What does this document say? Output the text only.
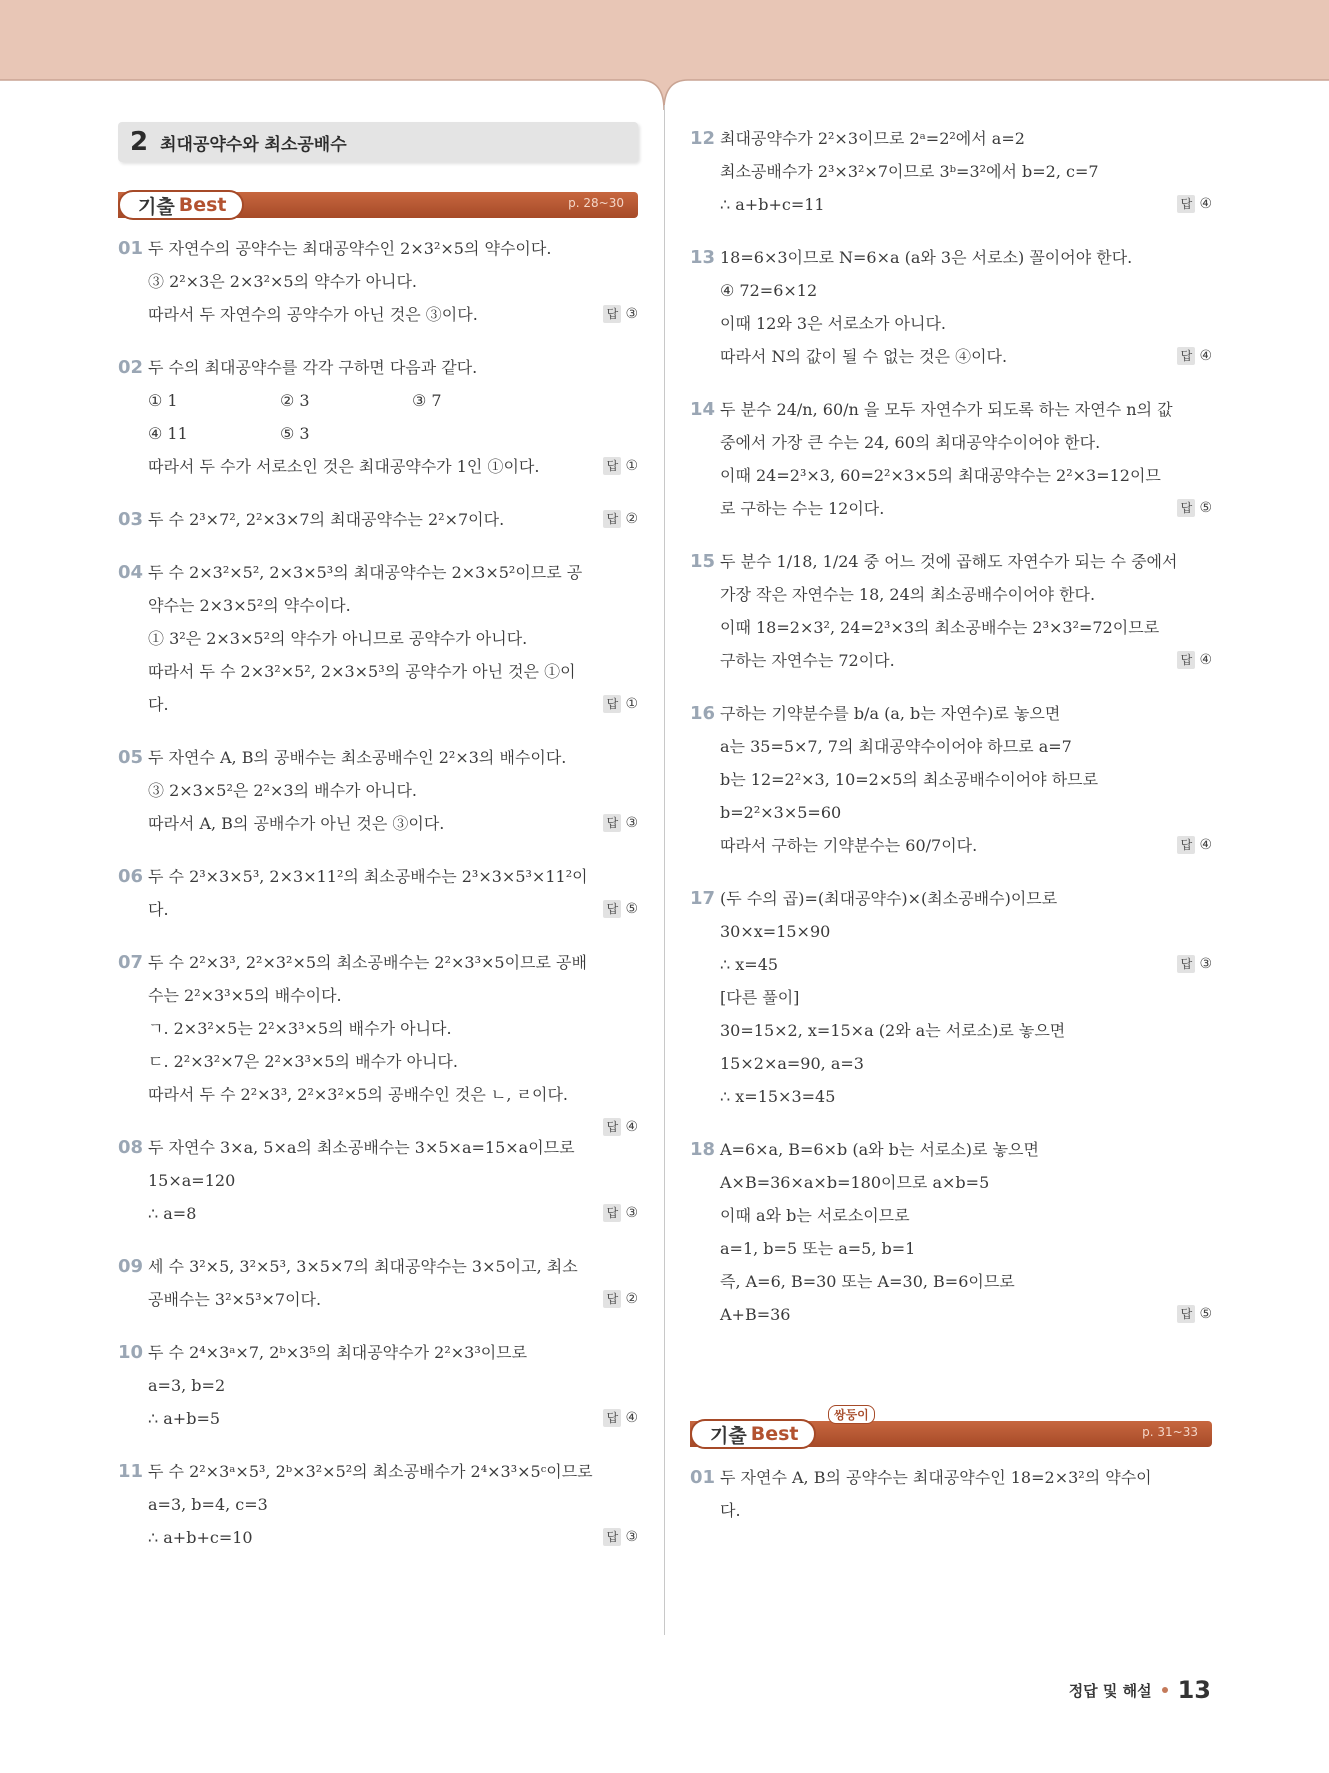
2 최대공약수와 최소공배수
기출 Best	p. 28~30
01 두 자연수의 공약수는 최대공약수인 2×3²×5의 약수이다.

③ 2²×3은 2×3²×5의 약수가 아니다.

따라서 두 자연수의 공약수가 아닌 것은 ③이다.	답 ③

02 두 수의 최대공약수를 각각 구하면 다음과 같다.

① 1	② 3	③ 7

④ 11	⑤ 3

따라서 두 수가 서로소인 것은 최대공약수가 1인 ①이다.	답 ①

03 두 수 2³×7², 2²×3×7의 최대공약수는 2²×7이다.	답 ②

04 두 수 2×3²×5², 2×3×5³의 최대공약수는 2×3×5²이므로 공

약수는 2×3×5²의 약수이다.

① 3²은 2×3×5²의 약수가 아니므로 공약수가 아니다.

따라서 두 수 2×3²×5², 2×3×5³의 공약수가 아닌 것은 ①이

다.	답 ①

05 두 자연수 A, B의 공배수는 최소공배수인 2²×3의 배수이다.

③ 2×3×5²은 2²×3의 배수가 아니다.

따라서 A, B의 공배수가 아닌 것은 ③이다.	답 ③

06 두 수 2³×3×5³, 2×3×11²의 최소공배수는 2³×3×5³×11²이

다.	답 ⑤

07 두 수 2²×3³, 2²×3²×5의 최소공배수는 2²×3³×5이므로 공배

수는 2²×3³×5의 배수이다.

ㄱ. 2×3²×5는 2²×3³×5의 배수가 아니다.

ㄷ. 2²×3²×7은 2²×3³×5의 배수가 아니다.

따라서 두 수 2²×3³, 2²×3²×5의 공배수인 것은 ㄴ, ㄹ이다.

답 ④

08 두 자연수 3×a, 5×a의 최소공배수는 3×5×a=15×a이므로

15×a=120

∴ a=8	답 ③

09 세 수 3²×5, 3²×5³, 3×5×7의 최대공약수는 3×5이고, 최소

공배수는 3²×5³×7이다.	답 ②

10 두 수 2⁴×3ᵃ×7, 2ᵇ×3⁵의 최대공약수가 2²×3³이므로

a=3, b=2

∴ a+b=5	답 ④

11 두 수 2²×3ᵃ×5³, 2ᵇ×3²×5²의 최소공배수가 2⁴×3³×5ᶜ이므로

a=3, b=4, c=3

∴ a+b+c=10	답 ③

12 최대공약수가 2²×3이므로 2ᵃ=2²에서 a=2

최소공배수가 2³×3²×7이므로 3ᵇ=3²에서 b=2, c=7

∴ a+b+c=11	답 ④

13 18=6×3이므로 N=6×a (a와 3은 서로소) 꼴이어야 한다.

④ 72=6×12

이때 12와 3은 서로소가 아니다.

따라서 N의 값이 될 수 없는 것은 ④이다.	답 ④

14 두 분수 24/n, 60/n 을 모두 자연수가 되도록 하는 자연수 n의 값

중에서 가장 큰 수는 24, 60의 최대공약수이어야 한다.

이때 24=2³×3, 60=2²×3×5의 최대공약수는 2²×3=12이므

로 구하는 수는 12이다.	답 ⑤

15 두 분수 1/18, 1/24 중 어느 것에 곱해도 자연수가 되는 수 중에서

가장 작은 자연수는 18, 24의 최소공배수이어야 한다.

이때 18=2×3², 24=2³×3의 최소공배수는 2³×3²=72이므로

구하는 자연수는 72이다.	답 ④

16 구하는 기약분수를 b/a (a, b는 자연수)로 놓으면

a는 35=5×7, 7의 최대공약수이어야 하므로 a=7

b는 12=2²×3, 10=2×5의 최소공배수이어야 하므로

b=2²×3×5=60

따라서 구하는 기약분수는 60/7이다.	답 ④

17 (두 수의 곱)=(최대공약수)×(최소공배수)이므로

30×x=15×90

∴ x=45	답 ③

[다른 풀이]

30=15×2, x=15×a (2와 a는 서로소)로 놓으면

15×2×a=90, a=3

∴ x=15×3=45

18 A=6×a, B=6×b (a와 b는 서로소)로 놓으면

A×B=36×a×b=180이므로 a×b=5

이때 a와 b는 서로소이므로

a=1, b=5 또는 a=5, b=1

즉, A=6, B=30 또는 A=30, B=6이므로

A+B=36	답 ⑤

기출 Best
쌍둥이
p. 31~33
01 두 자연수 A, B의 공약수는 최대공약수인 18=2×3²의 약수이

다.

정답 및 해설 13
